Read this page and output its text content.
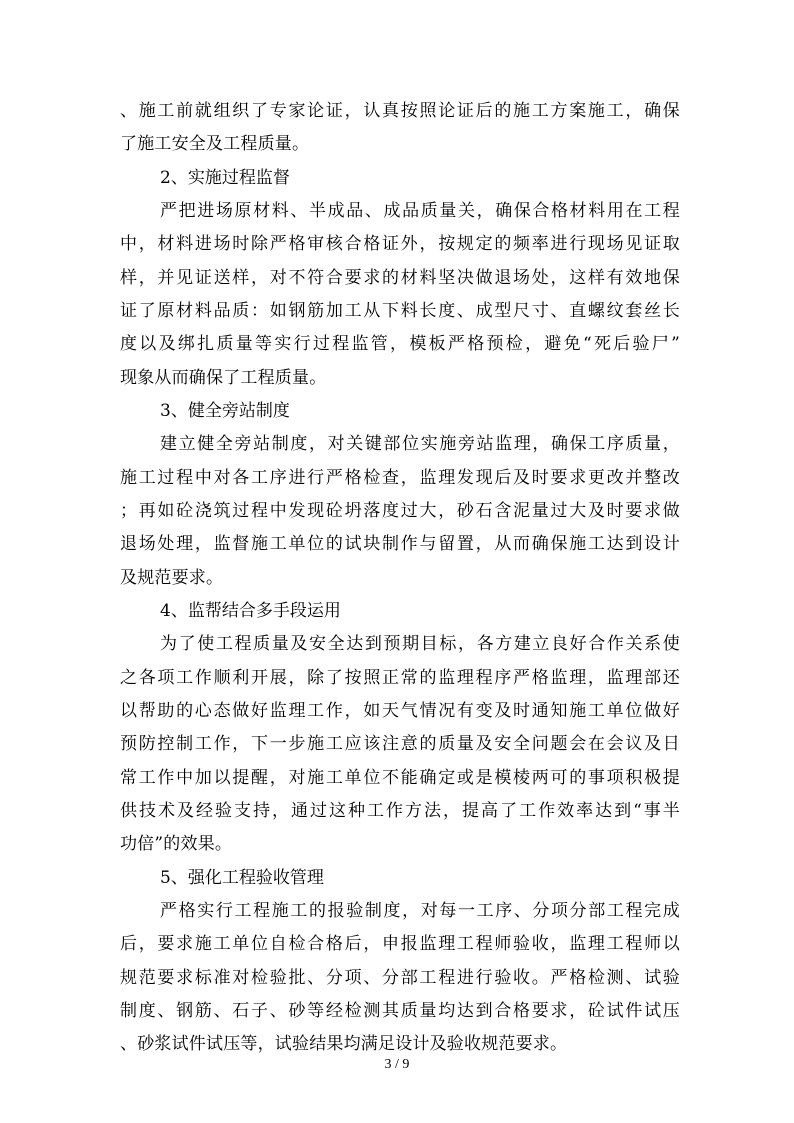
、施工前就组织了专家论证，认真按照论证后的施工方案施工，确保
了施工安全及工程质量。
2、实施过程监督
严把进场原材料、半成品、成品质量关，确保合格材料用在工程
中，材料进场时除严格审核合格证外，按规定的频率进行现场见证取
样，并见证送样，对不符合要求的材料坚决做退场处，这样有效地保
证了原材料品质：如钢筋加工从下料长度、成型尺寸、直螺纹套丝长
度以及绑扎质量等实行过程监管，模板严格预检，避免“死后验尸”
现象从而确保了工程质量。
3、健全旁站制度
建立健全旁站制度，对关键部位实施旁站监理，确保工序质量，
施工过程中对各工序进行严格检查，监理发现后及时要求更改并整改
；再如砼浇筑过程中发现砼坍落度过大，砂石含泥量过大及时要求做
退场处理，监督施工单位的试块制作与留置，从而确保施工达到设计
及规范要求。
4、监帮结合多手段运用
为了使工程质量及安全达到预期目标，各方建立良好合作关系使
之各项工作顺利开展，除了按照正常的监理程序严格监理，监理部还
以帮助的心态做好监理工作，如天气情况有变及时通知施工单位做好
预防控制工作，下一步施工应该注意的质量及安全问题会在会议及日
常工作中加以提醒，对施工单位不能确定或是模棱两可的事项积极提
供技术及经验支持，通过这种工作方法，提高了工作效率达到“事半
功倍”的效果。
5、强化工程验收管理
严格实行工程施工的报验制度，对每一工序、分项分部工程完成
后，要求施工单位自检合格后，申报监理工程师验收，监理工程师以
规范要求标准对检验批、分项、分部工程进行验收。严格检测、试验
制度、钢筋、石子、砂等经检测其质量均达到合格要求，砼试件试压
、砂浆试件试压等，试验结果均满足设计及验收规范要求。
3 / 9
